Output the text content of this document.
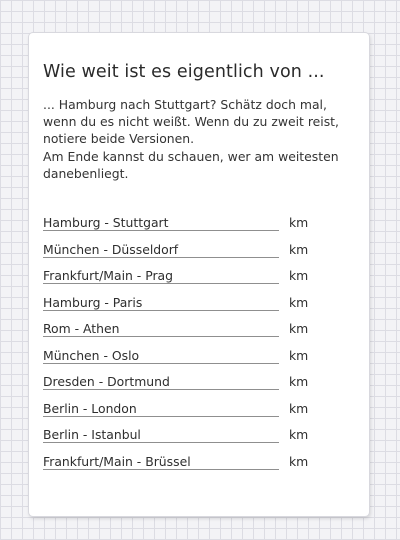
Wie weit ist es eigentlich von ...

... Hamburg nach Stuttgart? Schätz doch mal, wenn du es nicht weißt. Wenn du zu zweit reist, notiere beide Versionen.

Am Ende kannst du schauen, wer am weitesten danebenliegt.

Hamburg - Stuttgart	km
München - Düsseldorf	km
Frankfurt/Main - Prag	km
Hamburg - Paris	km
Rom - Athen	km
München - Oslo	km
Dresden - Dortmund	km
Berlin - London	km
Berlin - Istanbul	km
Frankfurt/Main - Brüssel	km
